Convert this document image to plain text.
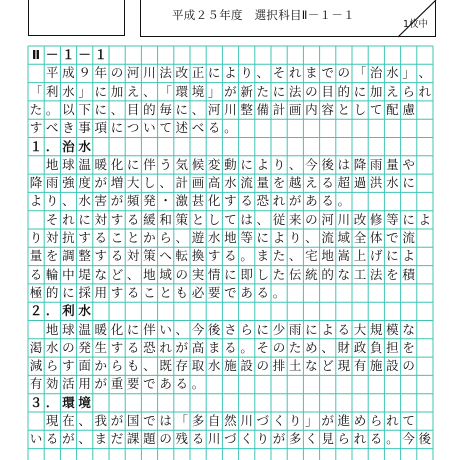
平成２５年度　選択科目Ⅱ－１－１
1枚中
Ⅱ － １ － １

平 成 ９ 年 の 河 川 法 改 正 に よ り 、 そ れ ま で の 「 治 水 」 、
「 利 水 」 に 加 え 、 「 環 境 」 が 新 た に 法 の 目 的 に 加 え ら れ
た 。 以 下 に 、 目 的 毎 に 、 河 川 整 備 計 画 内 容 と し て 配 慮
す べ き 事 項 に つ い て 述 べ る 。
１ ． 治 水

地 球 温 暖 化 に 伴 う 気 候 変 動 に よ り 、 今 後 は 降 雨 量 や
降 雨 強 度 が 増 大 し 、 計 画 高 水 流 量 を 越 え る 超 過 洪 水 に
よ り 、 水 害 が 頻 発 ・ 激 甚 化 す る 恐 れ が あ る 。

そ れ に 対 す る 緩 和 策 と し て は 、 従 来 の 河 川 改 修 等 に よ
り 対 抗 す る こ と か ら 、 遊 水 地 等 に よ り 、 流 域 全 体 で 流
量 を 調 整 す る 対 策 へ 転 換 す る 。 ま た 、 宅 地 嵩 上 げ に よ
る 輪 中 堤 な ど 、 地 域 の 実 情 に 即 し た 伝 統 的 な 工 法 を 積
極 的 に 採 用 す る こ と も 必 要 で あ る 。
２ ． 利 水

地 球 温 暖 化 に 伴 い 、 今 後 さ ら に 少 雨 に よ る 大 規 模 な
渇 水 の 発 生 す る 恐 れ が 高 ま る 。 そ の た め 、 財 政 負 担 を
減 ら す 面 か ら も 、 既 存 取 水 施 設 の 排 土 な ど 現 有 施 設 の
有 効 活 用 が 重 要 で あ る 。
３ ． 環 境

現 在 、 我 が 国 で は 「 多 自 然 川 づ く り 」 が 進 め ら れ て
い る が 、 ま だ 課 題 の 残 る 川 づ く り が 多 く 見 ら れ る 。 今 後
